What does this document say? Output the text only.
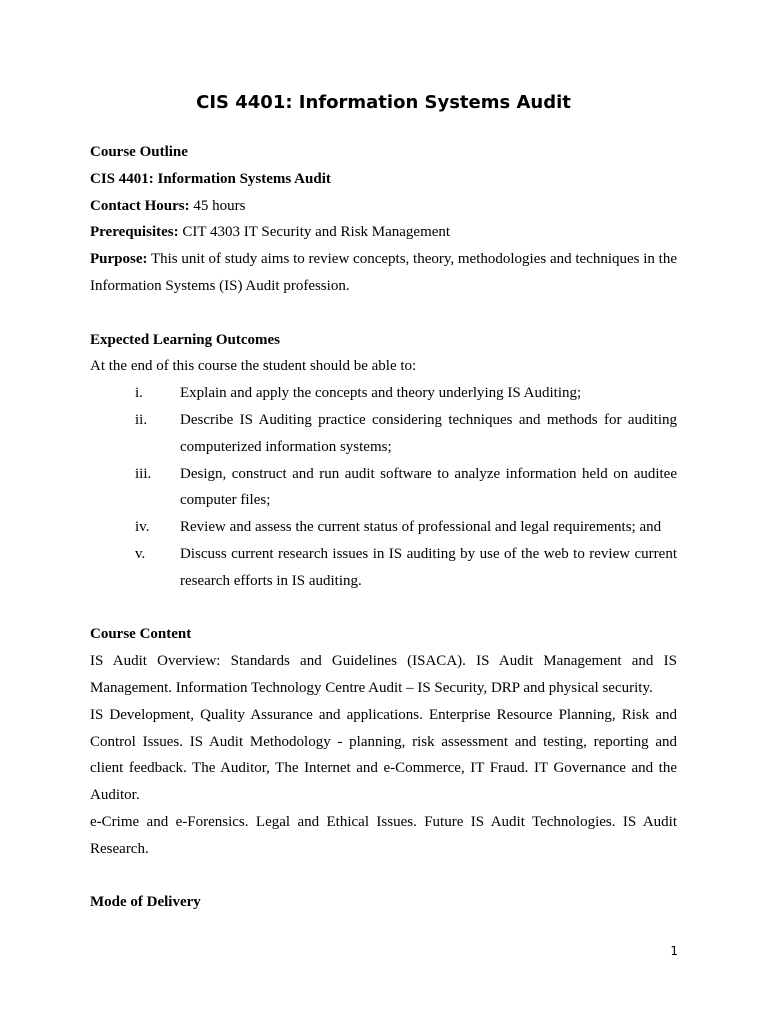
CIS 4401: Information Systems Audit

Course Outline

CIS 4401: Information Systems Audit

Contact Hours: 45 hours

Prerequisites: CIT 4303 IT Security and Risk Management

Purpose: This unit of study aims to review concepts, theory, methodologies and techniques in the Information Systems (IS) Audit profession.

Expected Learning Outcomes

At the end of this course the student should be able to:

i.	Explain and apply the concepts and theory underlying IS Auditing;
ii.	Describe IS Auditing practice considering techniques and methods for auditing computerized information systems;
iii.	Design, construct and run audit software to analyze information held on auditee computer files;
iv.	Review and assess the current status of professional and legal requirements; and
v.	Discuss current research issues in IS auditing by use of the web to review current research efforts in IS auditing.

Course Content

IS Audit Overview: Standards and Guidelines (ISACA). IS Audit Management and IS Management. Information Technology Centre Audit – IS Security, DRP and physical security.

IS Development, Quality Assurance and applications. Enterprise Resource Planning, Risk and Control Issues. IS Audit Methodology - planning, risk assessment and testing, reporting and client feedback. The Auditor, The Internet and e-Commerce, IT Fraud. IT Governance and the Auditor.

e-Crime and e-Forensics. Legal and Ethical Issues. Future IS Audit Technologies. IS Audit Research.

Mode of Delivery

1
